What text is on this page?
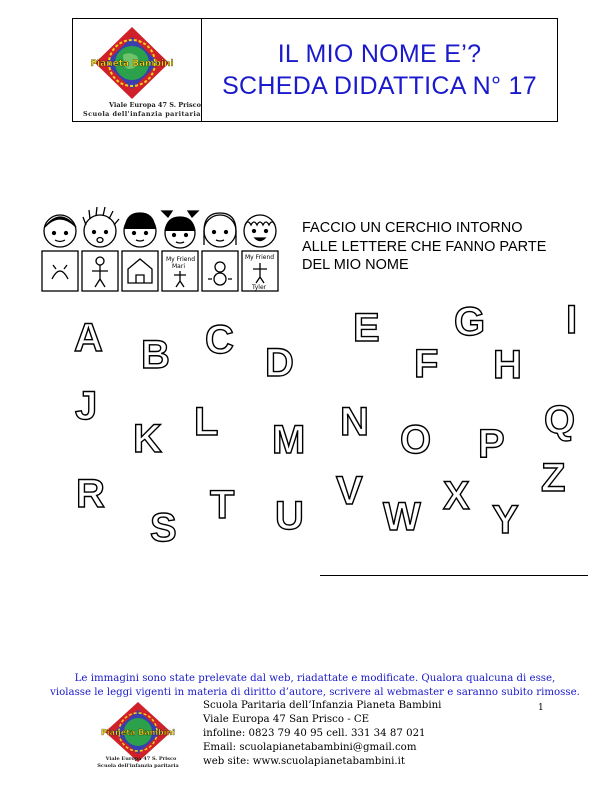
Pianeta Bambini
Viale Europa 47 S. Prisco
Scuola dell'infanzia paritaria
IL MIO NOME E’?
SCHEDA DIDATTICA N° 17
My Friend
Mari
My Friend
Tyler
FACCIO UN CERCHIO INTORNO
ALLE LETTERE CHE FANNO PARTE
DEL MIO NOME
A B C
D
E
F
G
H
I
J
K L M N O P
Q
R
S
T U
V
W X
Y
Z
Le immagini sono state prelevate dal web, riadattate e modificate. Qualora qualcuna di esse,
violasse le leggi vigenti in materia di diritto d’autore, scrivere al webmaster e saranno subito rimosse.
1
Pianeta Bambini
Viale Europa 47 S. Prisco
Scuola dell'infanzia paritaria
Scuola Paritaria dell’Infanzia Pianeta Bambini
Viale Europa 47 San Prisco - CE
infoline: 0823 79 40 95 cell. 331 34 87 021
Email: scuolapianetabambini@gmail.com
web site: www.scuolapianetabambini.it
